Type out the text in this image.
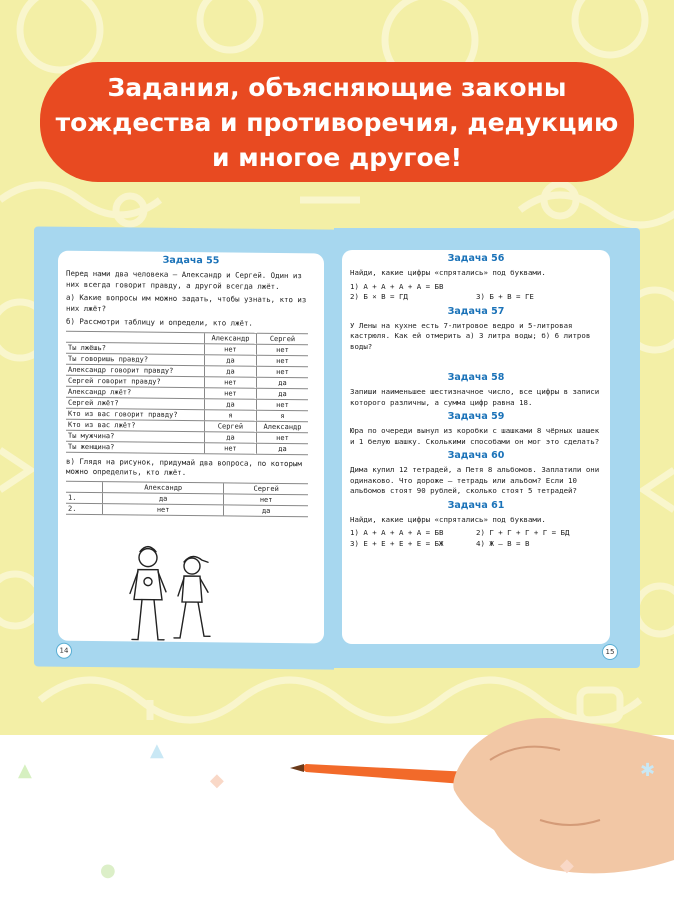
Задания, объясняющие законы
тождества и противоречия, дедукцию
и многое другое!
Задача 55

Перед нами два человека — Александр и Сергей. Один из них всегда говорит правду, а другой всегда лжёт.

а) Какие вопросы им можно задать, чтобы узнать, кто из них лжёт?

б) Рассмотри таблицу и определи, кто лжёт.

	Александр	Сергей
Ты лжёшь?	нет	нет
Ты говоришь правду?	да	нет
Александр говорит правду?	да	нет
Сергей говорит правду?	нет	да
Александр лжёт?	нет	да
Сергей лжёт?	да	нет
Кто из вас говорит правду?	я	я
Кто из вас лжёт?	Сергей	Александр
Ты мужчина?	да	нет
Ты женщина?	нет	да

в) Глядя на рисунок, придумай два вопроса, по которым можно определить, кто лжёт.

	Александр	Сергей
1.	да	нет
2.	нет	да
14
Задача 56

Найди, какие цифры «спрятались» под буквами.

1) А + А + А + А = БВ
2) Б × В = ГД	3) Б + В = ГЕ
Задача 57

У Лены на кухне есть 7-литровое ведро и 5-литровая кастрюля. Как ей отмерить а) 3 литра воды; б) 6 литров воды?

Задача 58

Запиши наименьшее шестизначное число, все цифры в записи которого различны, а сумма цифр равна 18.

Задача 59

Юра по очереди вынул из коробки с шашками 8 чёрных шашек и 1 белую шашку. Сколькими способами он мог это сделать?

Задача 60

Дима купил 12 тетрадей, а Петя 8 альбомов. Заплатили они одинаково. Что дороже — тетрадь или альбом? Если 10 альбомов стоят 90 рублей, сколько стоят 5 тетрадей?

Задача 61

Найди, какие цифры «спрятались» под буквами.

1) А + А + А + А = БВ	2) Г + Г + Г + Г = БД
3) Е + Е + Е + Е = БЖ	4) Ж – В = В
15
▲
▲
◆	✱
◆
●
